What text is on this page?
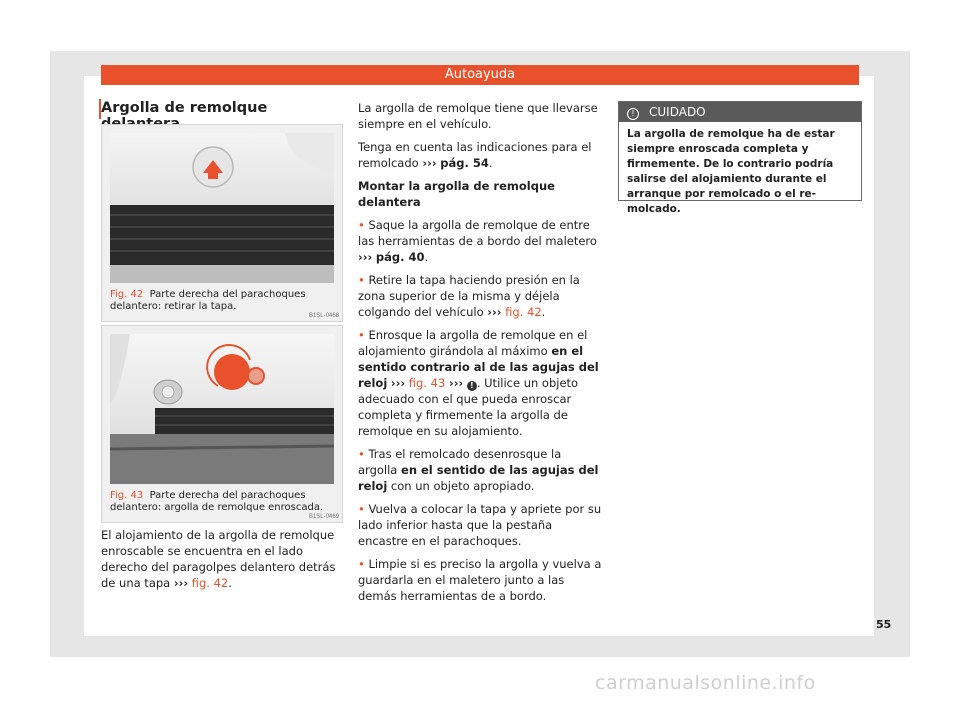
Autoayuda
Argolla de remolque
B1SL-0468
Fig. 42 Parte derecha del parachoques delantero: retirar la tapa.
B1SL-0469
Fig. 43 Parte derecha del parachoques delantero: argolla de remolque enroscada.
El alojamiento de la argolla de remolque enroscable se encuentra en el lado derecho del paragolpes delantero detrás de una tapa ››› fig. 42.

La argolla de remolque tiene que llevarse siempre en el vehículo.

Tenga en cuenta las indicaciones para el remolcado ››› pág. 54.

Montar la argolla de remolque delantera

• Saque la argolla de remolque de entre las herramientas de a bordo del maletero ››› pág. 40.

• Retire la tapa haciendo presión en la zona superior de la misma y déjela colgando del vehículo ››› fig. 42.

• Enrosque la argolla de remolque en el alojamiento girándola al máximo en el sentido contrario al de las agujas del reloj ››› fig. 43 ››› ! . Utilice un objeto adecuado con el que pueda enroscar completa y firmemente la argolla de remolque en su alojamiento.

• Tras el remolcado desenrosque la argolla en el sentido de las agujas del reloj con un objeto apropiado.

• Vuelva a colocar la tapa y apriete por su lado inferior hasta que la pestaña encastre en el parachoques.

• Limpie si es preciso la argolla y vuelva a guardarla en el maletero junto a las demás herramientas de a bordo.

! CUIDADO
La argolla de remolque ha de estar siempre enroscada completa y firmemente. De lo contrario podría salirse del alojamiento durante el arranque por remolcado o el remolcado.
55
carmanualsonline.info
